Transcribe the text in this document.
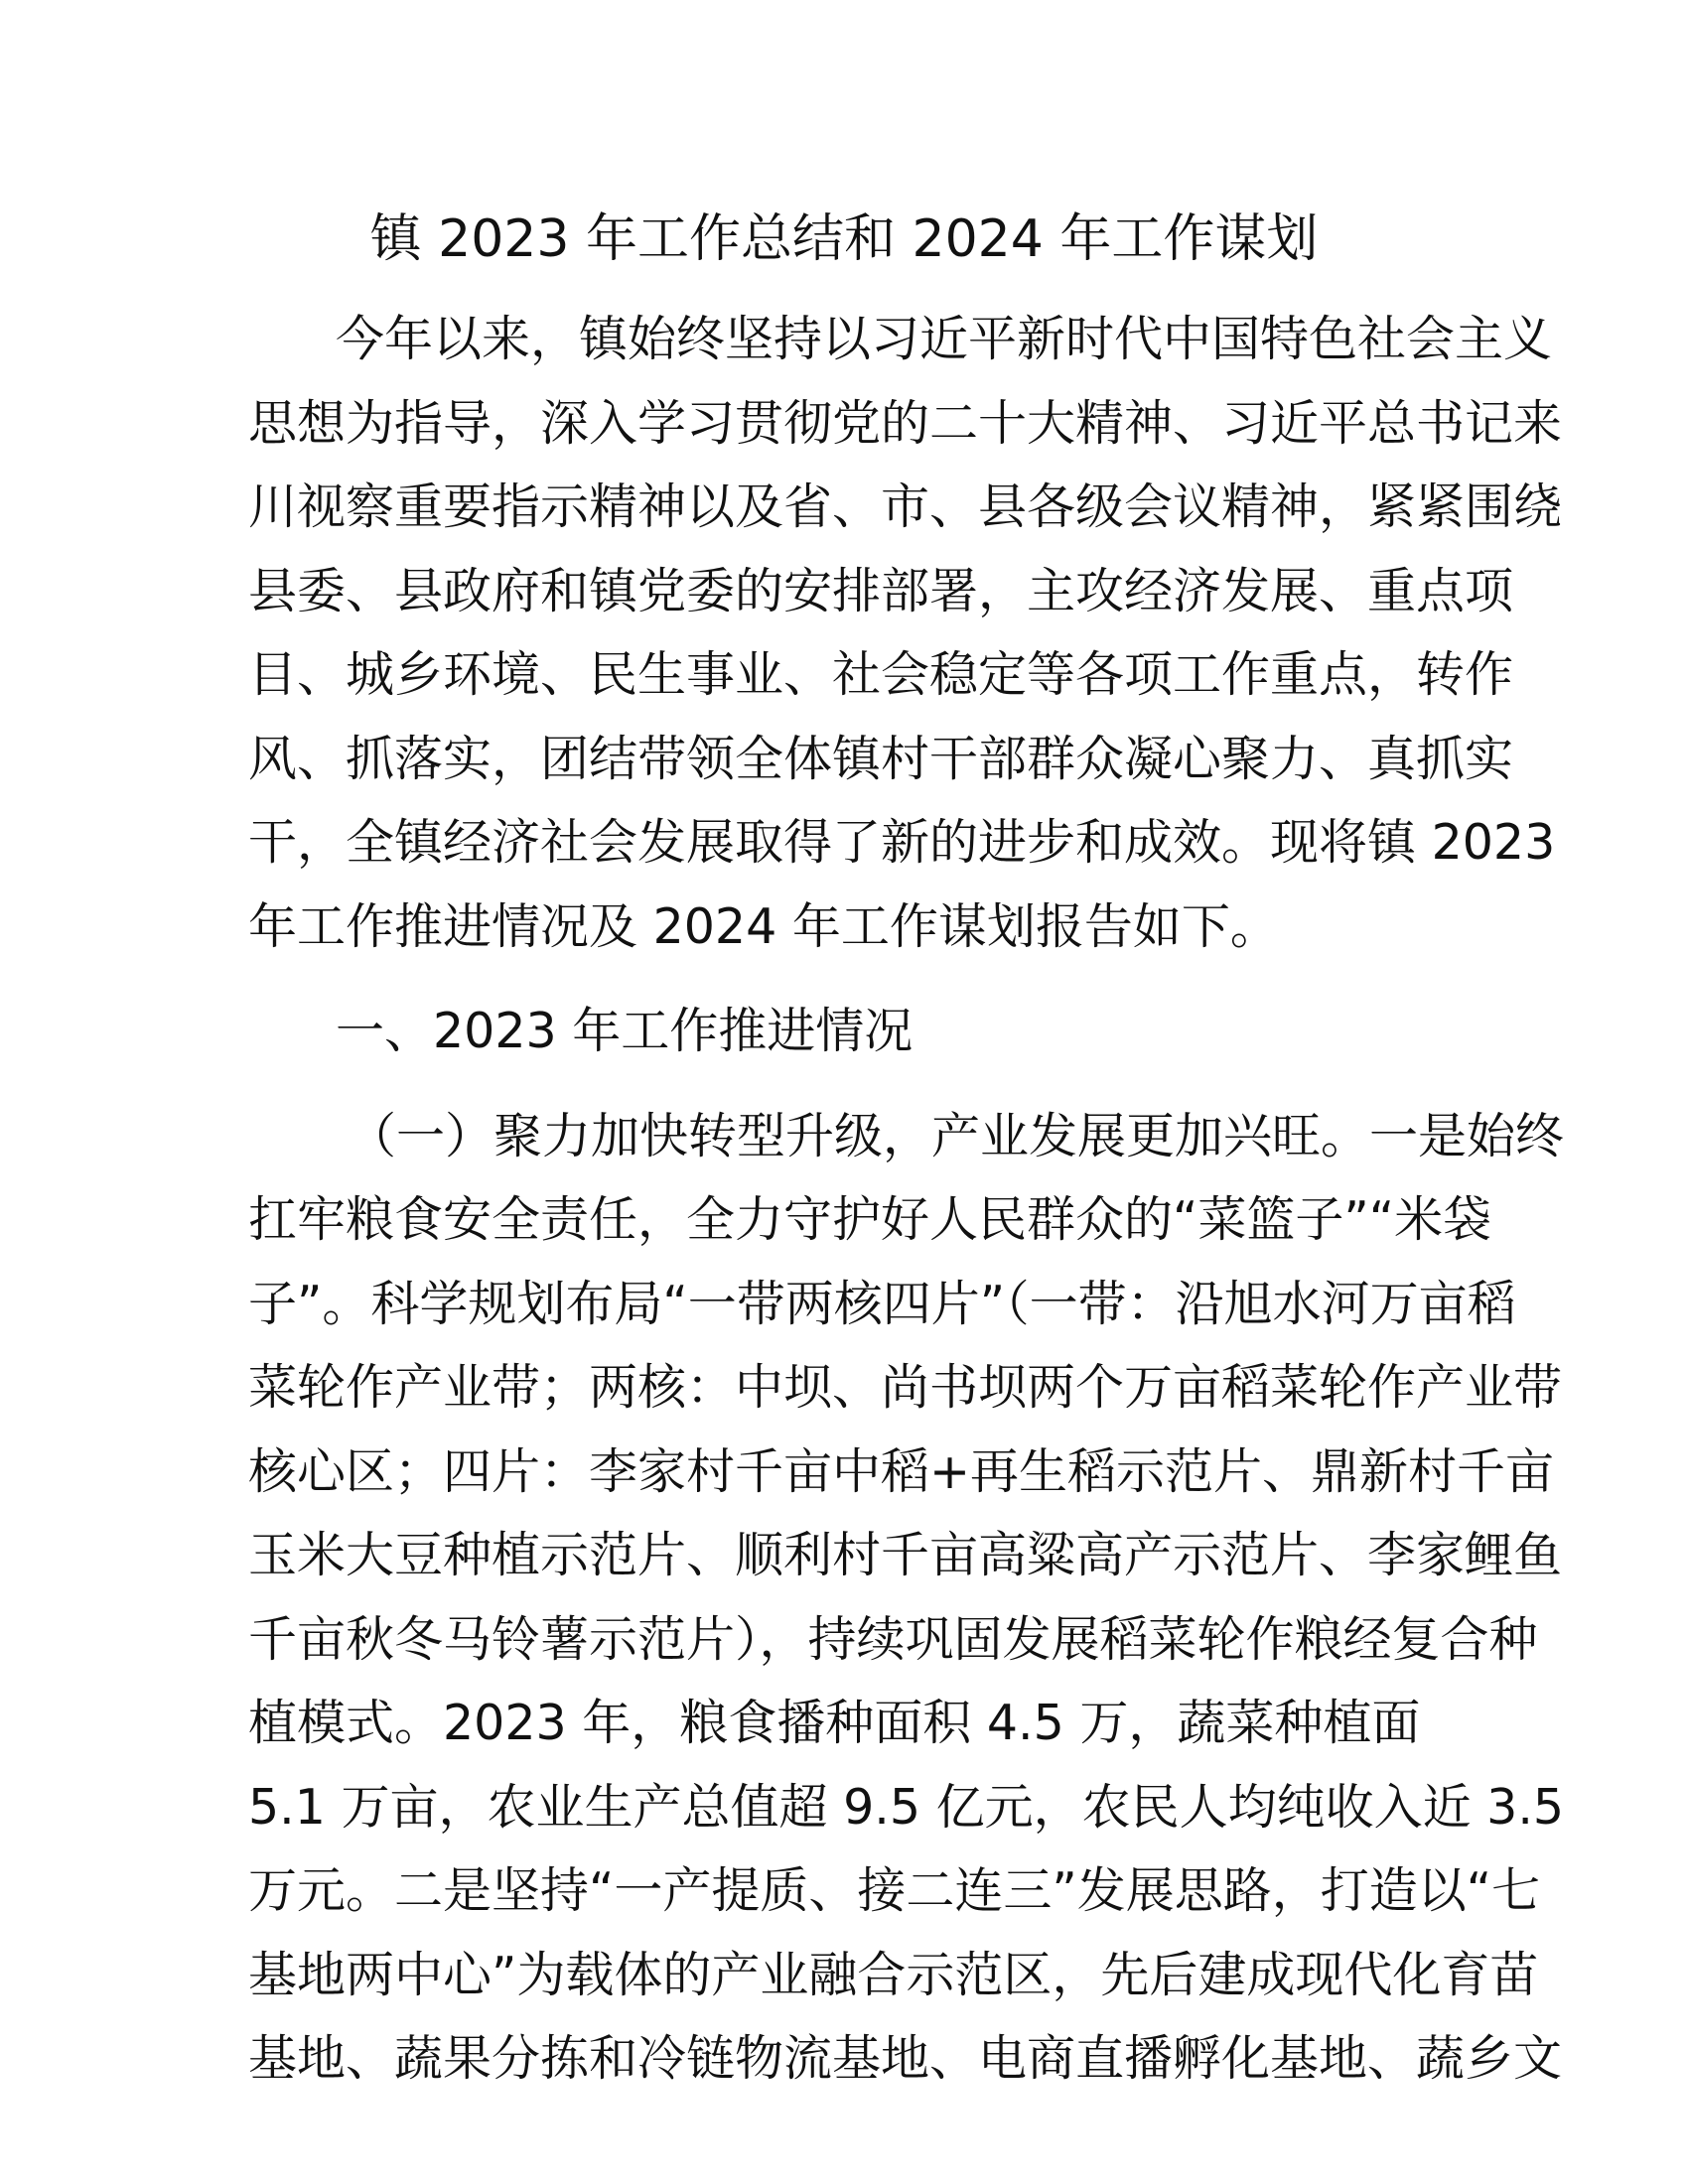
镇 2023 年工作总结和 2024 年工作谋划
今年以来，镇始终坚持以习近平新时代中国特色社会主义
思想为指导，深入学习贯彻党的二十大精神、习近平总书记来
川视察重要指示精神以及省、市、县各级会议精神，紧紧围绕
县委、县政府和镇党委的安排部署，主攻经济发展、重点项
目、城乡环境、民生事业、社会稳定等各项工作重点，转作
风、抓落实，团结带领全体镇村干部群众凝心聚力、真抓实
干，全镇经济社会发展取得了新的进步和成效。现将镇 2023
年工作推进情况及 2024 年工作谋划报告如下。
一、2023 年工作推进情况
（一）聚力加快转型升级，产业发展更加兴旺。一是始终
扛牢粮食安全责任，全力守护好人民群众的“菜篮子”“米袋
子”。科学规划布局“一带两核四片”（一带：沿旭水河万亩稻
菜轮作产业带；两核：中坝、尚书坝两个万亩稻菜轮作产业带
核心区；四片：李家村千亩中稻+再生稻示范片、鼎新村千亩
玉米大豆种植示范片、顺利村千亩高粱高产示范片、李家鲤鱼
千亩秋冬马铃薯示范片），持续巩固发展稻菜轮作粮经复合种
植模式。2023 年，粮食播种面积 4.5 万，蔬菜种植面
5.1 万亩，农业生产总值超 9.5 亿元，农民人均纯收入近 3.5
万元。二是坚持“一产提质、接二连三”发展思路，打造以“七
基地两中心”为载体的产业融合示范区，先后建成现代化育苗
基地、蔬果分拣和冷链物流基地、电商直播孵化基地、蔬乡文
